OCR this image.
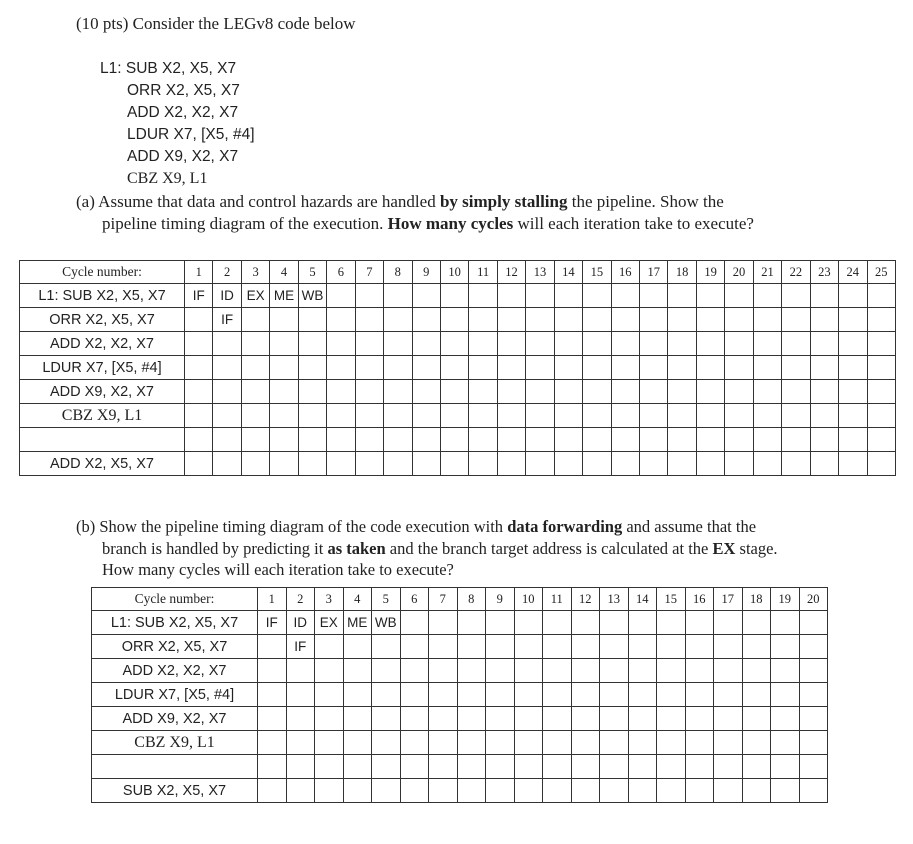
(10 pts) Consider the LEGv8 code below
L1: SUB X2, X5, X7
ORR X2, X5, X7
ADD X2, X2, X7
LDUR X7, [X5, #4]
ADD X9, X2, X7
CBZ X9, L1
(a) Assume that data and control hazards are handled by simply stalling the pipeline. Show the
pipeline timing diagram of the execution. How many cycles will each iteration take to execute?
Cycle number:	1	2	3	4	5	6	7	8	9	10	11	12	13	14	15	16	17	18	19	20	21	22	23	24	25
L1: SUB X2, X5, X7	IF	ID	EX	ME	WB																				
ORR X2, X5, X7		IF																							
ADD X2, X2, X7																									
LDUR X7, [X5, #4]																									
ADD X9, X2, X7																									
CBZ X9, L1																									

ADD X2, X5, X7																									
(b) Show the pipeline timing diagram of the code execution with data forwarding and assume that the
branch is handled by predicting it as taken and the branch target address is calculated at the EX stage.
How many cycles will each iteration take to execute?
Cycle number:	1	2	3	4	5	6	7	8	9	10	11	12	13	14	15	16	17	18	19	20
L1: SUB X2, X5, X7	IF	ID	EX	ME	WB															
ORR X2, X5, X7		IF																		
ADD X2, X2, X7																				
LDUR X7, [X5, #4]																				
ADD X9, X2, X7																				
CBZ X9, L1																				

SUB X2, X5, X7																				
